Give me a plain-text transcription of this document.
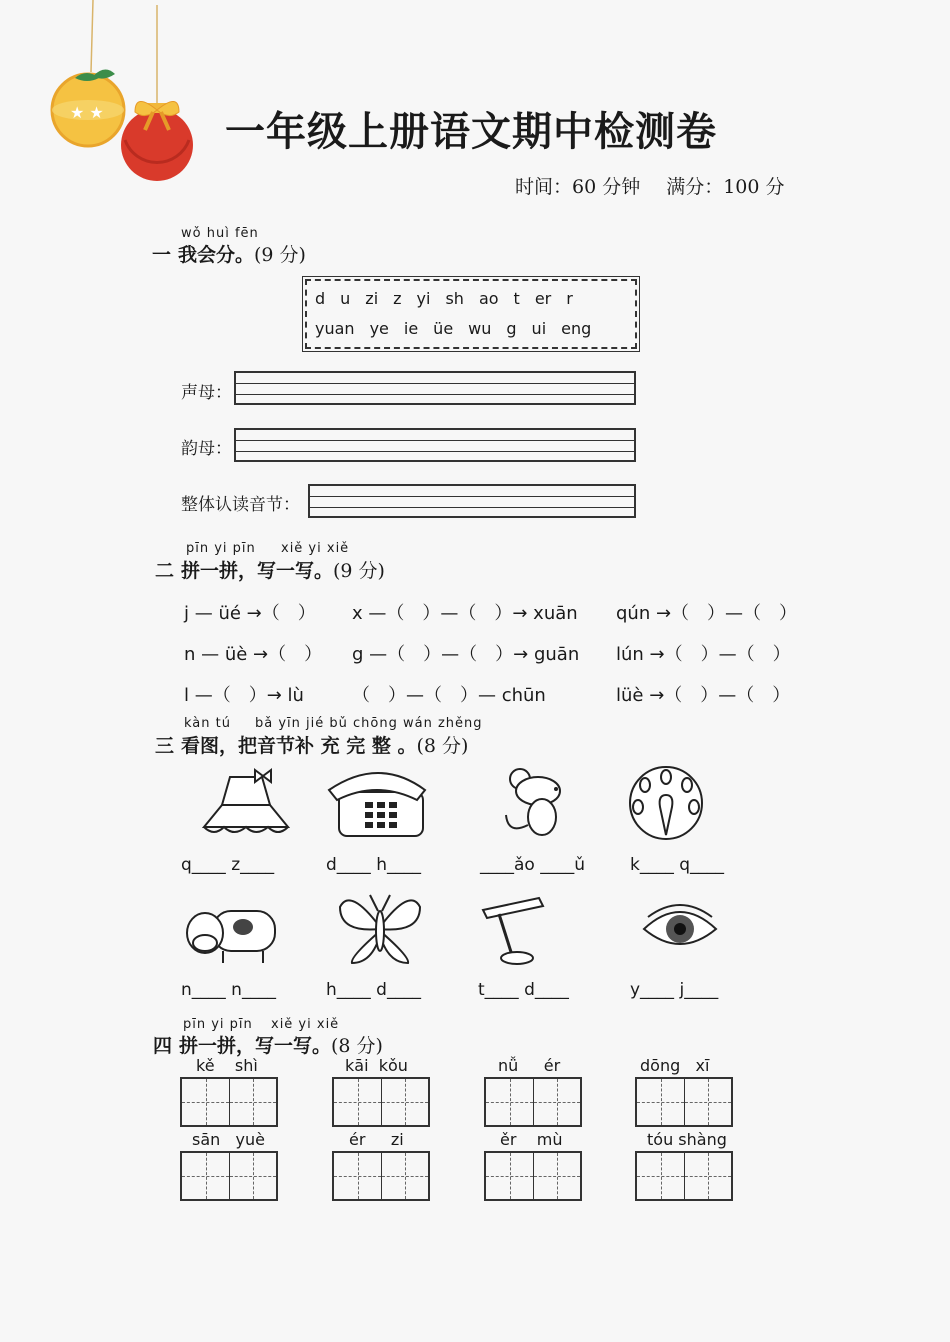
★ ★	一年级上册语文期中检测卷
时间：60 分钟 满分：100 分
wǒ huì fēn
一 我会分。(9 分)
d u zi z yi sh ao t er r
yuan ye ie üe wu g ui eng
声母：
韵母：
整体认读音节：
pīn yi pīn xiě yi xiě
二 拼一拼，写一写。(9 分)
j — üé →（　） x —（　）—（　）→ xuān qún →（　）—（　）
n — üè →（　） g —（　）—（　）→ guān lún →（　）—（　）
l —（　）→ lù	（　）—（　）— chūn	lüè →（　）—（　）
kàn tú bǎ yīn jié bǔ chōng wán zhěng
三 看图，把音节补 充 完 整 。(8 分)
q____ z____	d____ h____	____ǎo ____ǔ	k____ q____
n____ n____	h____ d____	t____ d____	y____ j____
pīn yi pīn xiě yi xiě
四 拼一拼，写一写。(8 分)
kě shì	kāi kǒu	nǚ ér	dōng xī
sān yuè	ér zi	ěr mù	tóu shàng
